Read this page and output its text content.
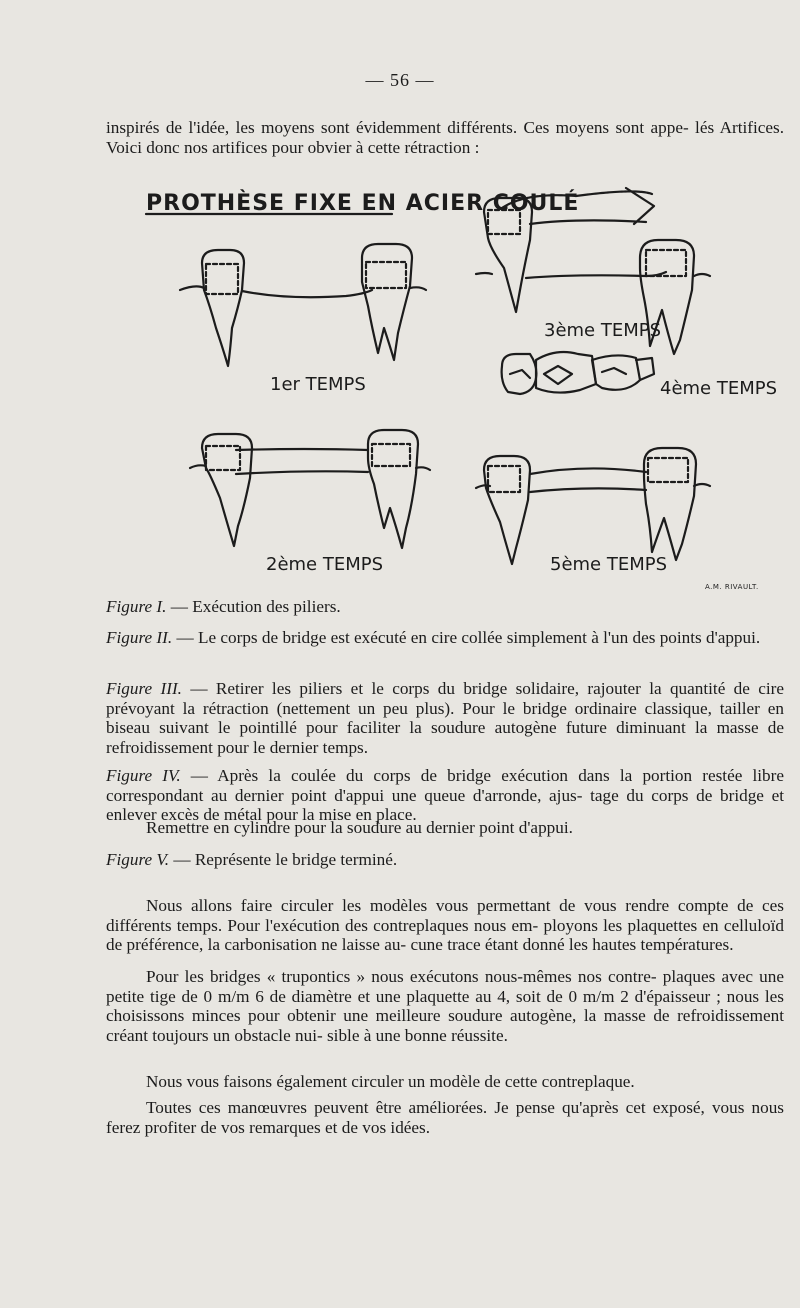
— 56 —

inspirés de l'idée, les moyens sont évidemment différents. Ces moyens sont appe- lés Artifices. Voici donc nos artifices pour obvier à cette rétraction :

PROTHÈSE FIXE EN ACIER COULÉ
1er TEMPS
2ème TEMPS
3ème TEMPS
4ème TEMPS
5ème TEMPS
A.M. RIVAULT.

Figure I. — Exécution des piliers.

Figure II. — Le corps de bridge est exécuté en cire collée simplement à l'un des points d'appui.

Figure III. — Retirer les piliers et le corps du bridge solidaire, rajouter la quantité de cire prévoyant la rétraction (nettement un peu plus). Pour le bridge ordinaire classique, tailler en biseau suivant le pointillé pour faciliter la soudure autogène future diminuant la masse de refroidissement pour le dernier temps.

Figure IV. — Après la coulée du corps de bridge exécution dans la portion restée libre correspondant au dernier point d'appui une queue d'arronde, ajus- tage du corps de bridge et enlever excès de métal pour la mise en place.

Remettre en cylindre pour la soudure au dernier point d'appui.

Figure V. — Représente le bridge terminé.

Nous allons faire circuler les modèles vous permettant de vous rendre compte de ces différents temps. Pour l'exécution des contreplaques nous em- ployons les plaquettes en celluloïd de préférence, la carbonisation ne laisse au- cune trace étant donné les hautes températures.

Pour les bridges « trupontics » nous exécutons nous-mêmes nos contre- plaques avec une petite tige de 0 m/m 6 de diamètre et une plaquette au 4, soit de 0 m/m 2 d'épaisseur ; nous les choisissons minces pour obtenir une meilleure soudure autogène, la masse de refroidissement créant toujours un obstacle nui- sible à une bonne réussite.

Nous vous faisons également circuler un modèle de cette contreplaque.

Toutes ces manœuvres peuvent être améliorées. Je pense qu'après cet exposé, vous nous ferez profiter de vos remarques et de vos idées.
